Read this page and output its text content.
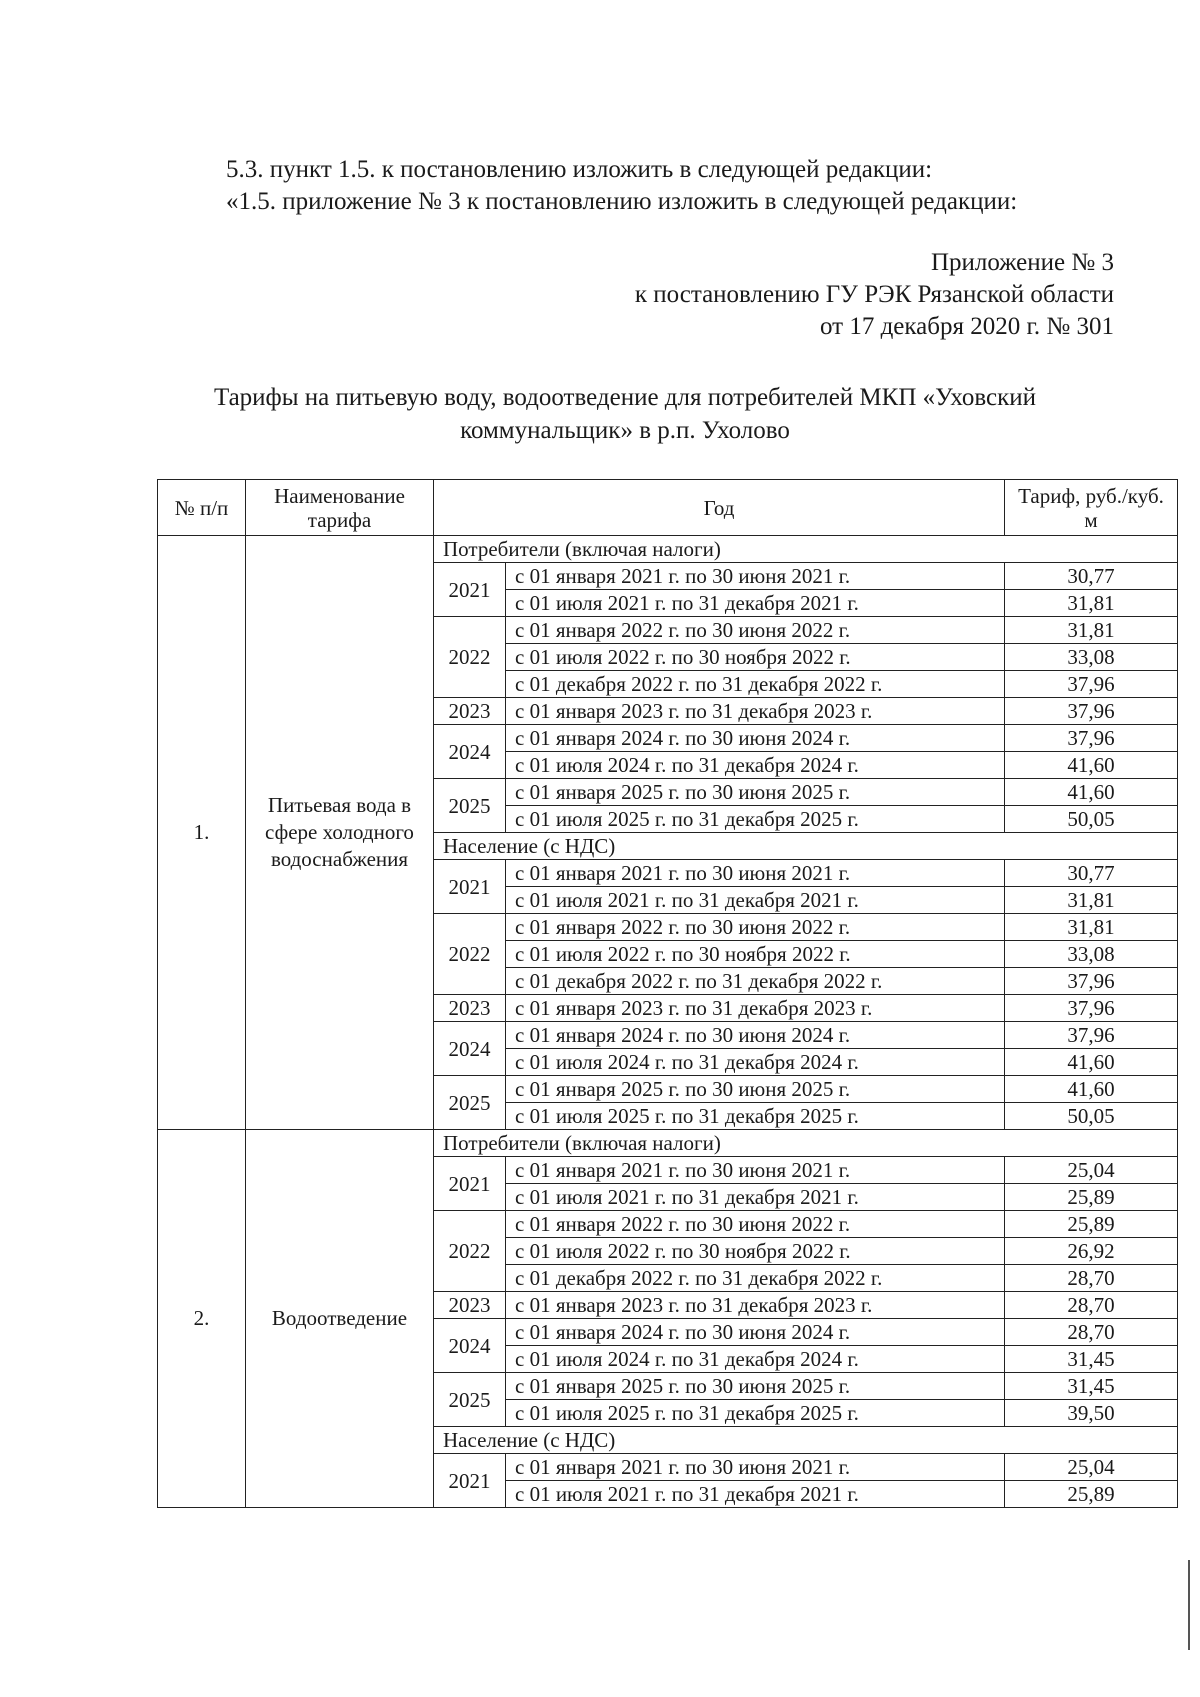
5.3. пункт 1.5. к постановлению изложить в следующей редакции:
«1.5. приложение № 3 к постановлению изложить в следующей редакции:
Приложение № 3
к постановлению ГУ РЭК Рязанской области
от 17 декабря 2020 г. № 301
Тарифы на питьевую воду, водоотведение для потребителей МКП «Уховский
коммунальщик» в р.п. Ухолово
№ п/п	Наименование тарифа	Год		Тариф, руб./куб. м
1.	Питьевая вода в сфере холодного водоснабжения	Потребители (включая налоги)		
		2021	с 01 января 2021 г. по 30 июня 2021 г.	30,77
			с 01 июля 2021 г. по 31 декабря 2021 г.	31,81
		2022	с 01 января 2022 г. по 30 июня 2022 г.	31,81
			с 01 июля 2022 г. по 30 ноября 2022 г.	33,08
			с 01 декабря 2022 г. по 31 декабря 2022 г.	37,96
		2023	с 01 января 2023 г. по 31 декабря 2023 г.	37,96
		2024	с 01 января 2024 г. по 30 июня 2024 г.	37,96
			с 01 июля 2024 г. по 31 декабря 2024 г.	41,60
		2025	с 01 января 2025 г. по 30 июня 2025 г.	41,60
			с 01 июля 2025 г. по 31 декабря 2025 г.	50,05
		Население (с НДС)		
		2021	с 01 января 2021 г. по 30 июня 2021 г.	30,77
			с 01 июля 2021 г. по 31 декабря 2021 г.	31,81
		2022	с 01 января 2022 г. по 30 июня 2022 г.	31,81
			с 01 июля 2022 г. по 30 ноября 2022 г.	33,08
			с 01 декабря 2022 г. по 31 декабря 2022 г.	37,96
		2023	с 01 января 2023 г. по 31 декабря 2023 г.	37,96
		2024	с 01 января 2024 г. по 30 июня 2024 г.	37,96
			с 01 июля 2024 г. по 31 декабря 2024 г.	41,60
		2025	с 01 января 2025 г. по 30 июня 2025 г.	41,60
			с 01 июля 2025 г. по 31 декабря 2025 г.	50,05
2.	Водоотведение	Потребители (включая налоги)		
		2021	с 01 января 2021 г. по 30 июня 2021 г.	25,04
			с 01 июля 2021 г. по 31 декабря 2021 г.	25,89
		2022	с 01 января 2022 г. по 30 июня 2022 г.	25,89
			с 01 июля 2022 г. по 30 ноября 2022 г.	26,92
			с 01 декабря 2022 г. по 31 декабря 2022 г.	28,70
		2023	с 01 января 2023 г. по 31 декабря 2023 г.	28,70
		2024	с 01 января 2024 г. по 30 июня 2024 г.	28,70
			с 01 июля 2024 г. по 31 декабря 2024 г.	31,45
		2025	с 01 января 2025 г. по 30 июня 2025 г.	31,45
			с 01 июля 2025 г. по 31 декабря 2025 г.	39,50
		Население (с НДС)		
		2021	с 01 января 2021 г. по 30 июня 2021 г.	25,04
			с 01 июля 2021 г. по 31 декабря 2021 г.	25,89
